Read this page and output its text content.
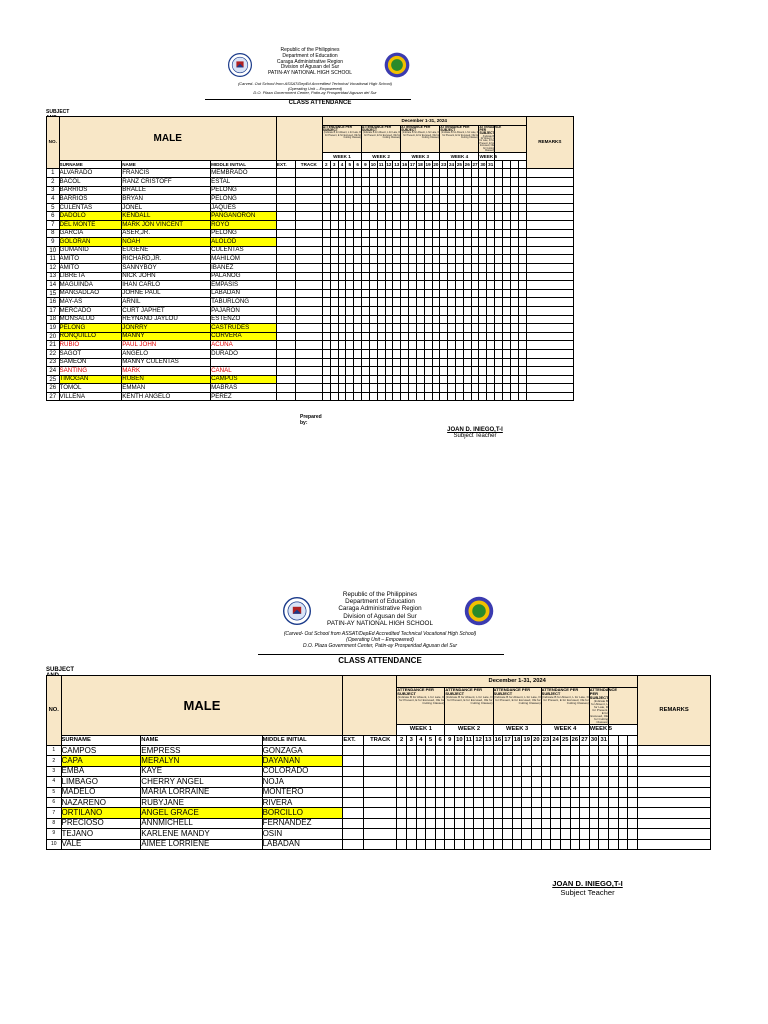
Republic of the Philippines
Department of Education
Caraga Administrative Region
Division of Agusan del Sur
PATIN-AY NATIONAL HIGH SCHOOL
(Carved- Out School from ASSAT/DepEd Accredited Technical Vocational High School)
(Operating Unit – Empowered)
D.O. Plaza Government Center, Patin-ay Prosperidad Agusan del Sur
CLASS ATTENDANCE
SUBJECT
NO.	MALE					December 1-31, 2024																										REMARKS
						ATTENDANCE PER SUBJECT
(Indicate B for Absent, L for Late, D for Present, E for Excused, OE for Cutting Classes)					ATTENDANCE PER SUBJECT
(Indicate B for Absent, L for Late, D for Present, E for Excused, OE for Cutting Classes)					ATTENDANCE PER SUBJECT
(Indicate B for Absent, L for Late, D for Present, E for Excused, OE for Cutting Classes)					ATTENDANCE PER SUBJECT
(Indicate B for Absent, L for Late, D for Present, E for Excused, OE for Cutting Classes)					ATTENDANCE PER SUBJECT
(Indicate B for Absent, L for Late, D for Present, E for Excused, OE for Cutting Classes)						

						WEEK 1					WEEK 2					WEEK 3					WEEK 4					WEEK 5						
	SURNAME	NAME	MIDDLE INITIAL	EXT.	TRACK	2	3	4	5	6	9	10	11	12	13	16	17	18	19	20	23	24	25	26	27	30	31					
1	ALVARADO	FRANCIS	MEMBRADO																													
2	BACOL	RANZ CRISTOFF	ESTAL																													
3	BARRIOS	BRALLE	PELONG																													
4	BARRIOS	BRYAN	PELONG																													
5	CULENTAS	JONEL	JAQUES																													
6	DADOLO	KENDALL	PANGANORON																													
7	DEL MONTE	MARK JON VINCENT	ROYO																													
8	GARCIA	ASER,JR.	PELONG																													
9	GOLORAN	NOAH	ALOLOD																													
10	GUMANID	EUGENE	CULENTAS																													
11	AMITO	RICHARD,JR.	MAHILOM																													
12	AMITO	SANNYBOY	IBANEZ																													
13	LIBRETA	NICK JOHN	PALANOG																													
14	MAGUINDA	IHAN CARLO	EMPASIS																													
15	MANGADLAO	JOHNE PAUL	LABADAN																													
16	MAY-AS	ARNIL	TABURLONG																													
17	MERCADO	CURT JAPHET	PAJARON																													
18	MONSALUD	REYNAND JAYLOU	ESTENZO																													
19	PELONG	JONRRY	CASTRUDES																													
20	RONQUILLO	MANNY	CORVERA																													
21	RUBIO	PAUL JOHN	ACUNA																													
22	SAGOT	ANGELO	DURADO																													
23	SAMEON	MANNY CULENTAS																														
24	SANTING	MARK	CANAL																													
25	TIMOGAN	RUBEN	CAMPUS																													
26	TOMOL	EMMAN	MABRAS																													
27	VILLENA	KENTH ANGELO	PEREZ																													
Prepared by:
JOAN D. INIEGO,T-I
Subject Teacher
Republic of the Philippines
Department of Education
Caraga Administrative Region
Division of Agusan del Sur
PATIN-AY NATIONAL HIGH SCHOOL
(Carved- Out School from ASSAT/DepEd Accredited Technical Vocational High School)
(Operating Unit – Empowered)
D.O. Plaza Government Center, Patin-ay Prosperidad Agusan del Sur
CLASS ATTENDANCE
SUBJECT
NO.	MALE					December 1-31, 2024																									REMARKS
						ATTENDANCE PER SUBJECT
(Indicate B for Absent, L for Late, D for Present, E for Excused, OE for Cutting Classes)					ATTENDANCE PER SUBJECT
(Indicate B for Absent, L for Late, D for Present, E for Excused, OE for Cutting Classes)					ATTENDANCE PER SUBJECT
(Indicate B for Absent, L for Late, D for Present, E for Excused, OE for Cutting Classes)					ATTENDANCE PER SUBJECT
(Indicate B for Absent, L for Late, D for Present, E for Excused, OE for Cutting Classes)					ATTENDANCE PER SUBJECT
(Indicate B for Absent, L for Late, D for Present, E for Excused, OE for Cutting Classes)					

						WEEK 1					WEEK 2					WEEK 3					WEEK 4					WEEK 5					
	SURNAME	NAME	MIDDLE INITIAL	EXT.	TRACK	2	3	4	5	6	9	10	11	12	13	16	17	18	19	20	23	24	25	26	27	30	31				
1	CAMPOS	EMPRESS	GONZAGA																												
2	CAPA	MERALYN	DAYANAN																												
3	EMBA	KAYE	COLORADO																												
4	LIMBAGO	CHERRY ANGEL	NOJA																												
5	MADELO	MARIA LORRAINE	MONTERO																												
6	NAZARENO	RUBYJANE	RIVERA																												
7	ORTILANO	ANGEL GRACE	BORCILLO																												
8	PRECIOSO	ANNMICHELL	FERNANDEZ																												
9	TEJANO	KARLENE MANDY	OSIN																												
10	VALE	AIMEE LORRIENE	LABADAN																												
JOAN D. INIEGO,T-I
Subject Teacher
